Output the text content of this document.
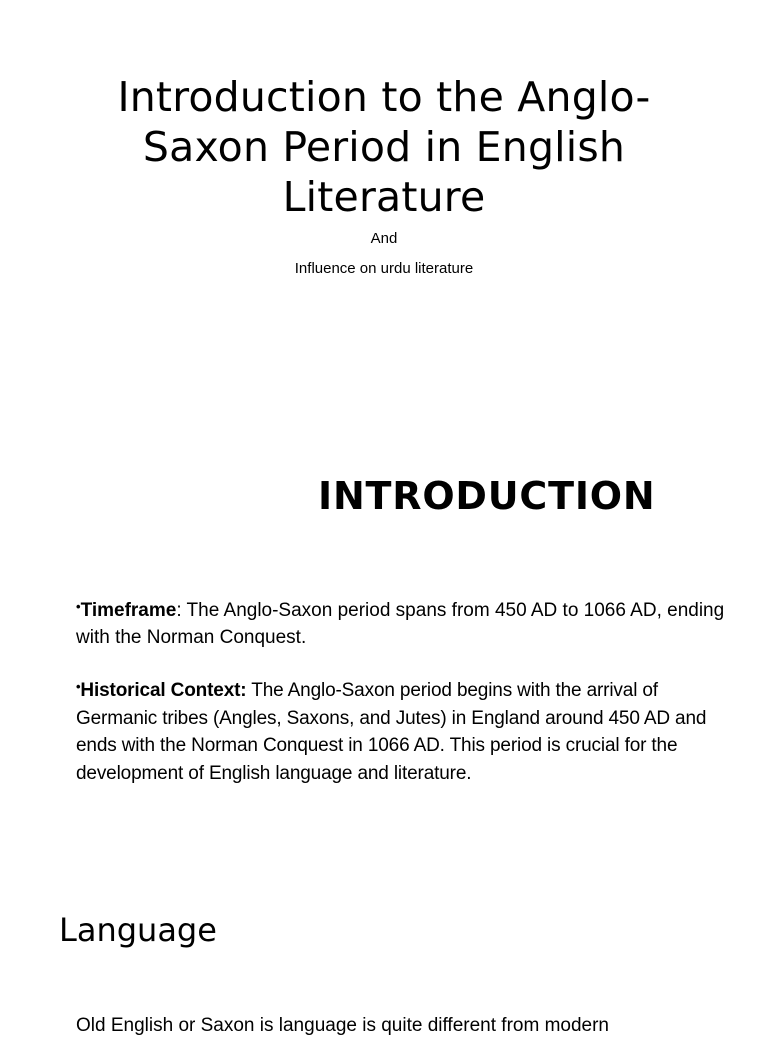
Introduction to the Anglo-Saxon Period in English Literature
And
Influence on urdu literature
INTRODUCTION

•Timeframe: The Anglo-Saxon period spans from 450 AD to 1066 AD, ending with the Norman Conquest.

•Historical Context: The Anglo-Saxon period begins with the arrival of Germanic tribes (Angles, Saxons, and Jutes) in England around 450 AD and ends with the Norman Conquest in 1066 AD. This period is crucial for the development of English language and literature.

Language
Old English or Saxon is language is quite different from modern
